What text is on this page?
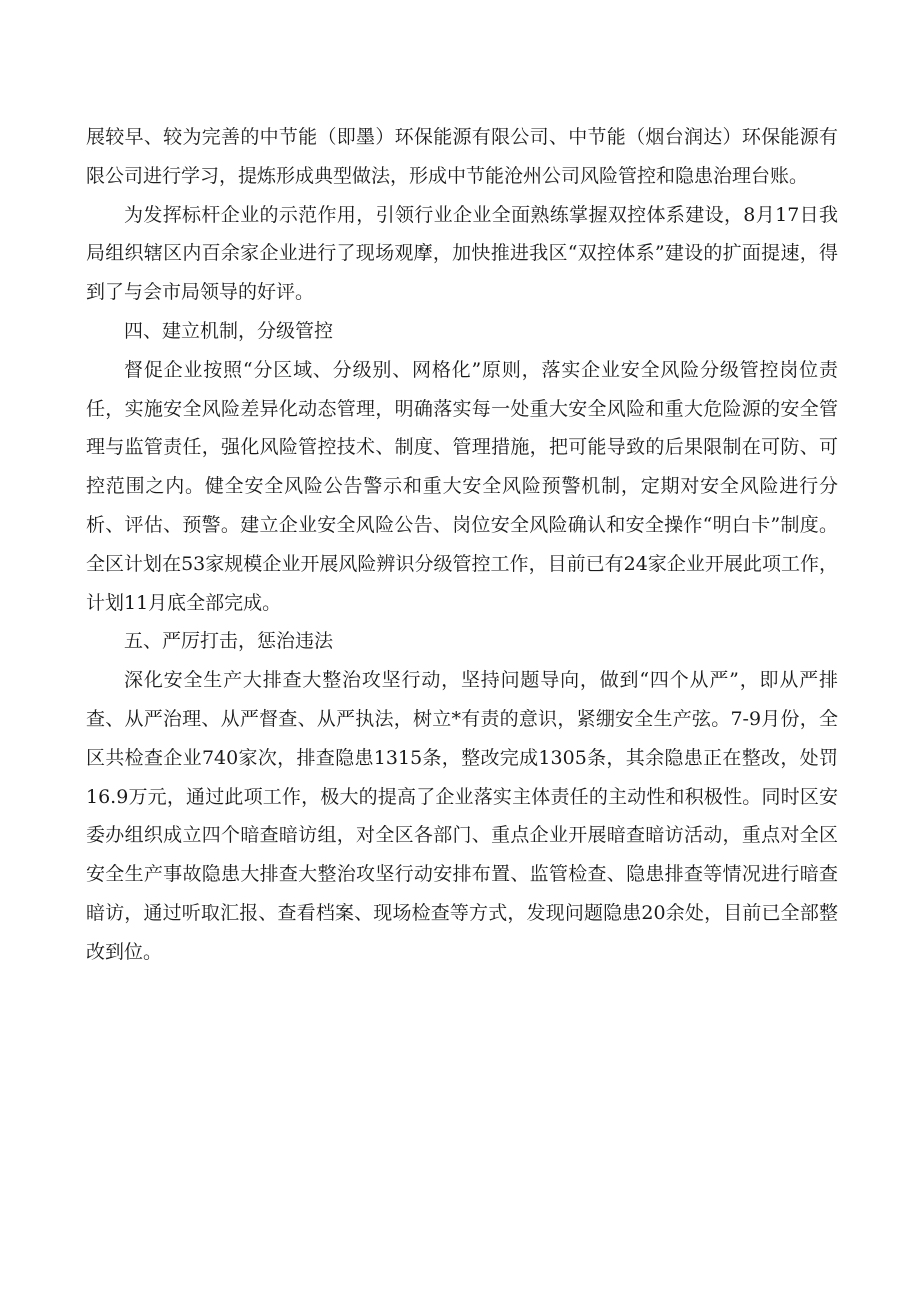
展较早、较为完善的中节能（即墨）环保能源有限公司、中节能（烟台润达）环保能源有限公司进行学习，提炼形成典型做法，形成中节能沧州公司风险管控和隐患治理台账。

为发挥标杆企业的示范作用，引领行业企业全面熟练掌握双控体系建设，8月17日我局组织辖区内百余家企业进行了现场观摩，加快推进我区“双控体系”建设的扩面提速，得到了与会市局领导的好评。

四、建立机制，分级管控

督促企业按照“分区域、分级别、网格化”原则，落实企业安全风险分级管控岗位责任，实施安全风险差异化动态管理，明确落实每一处重大安全风险和重大危险源的安全管理与监管责任，强化风险管控技术、制度、管理措施，把可能导致的后果限制在可防、可控范围之内。健全安全风险公告警示和重大安全风险预警机制，定期对安全风险进行分析、评估、预警。建立企业安全风险公告、岗位安全风险确认和安全操作“明白卡”制度。全区计划在53家规模企业开展风险辨识分级管控工作，目前已有24家企业开展此项工作，计划11月底全部完成。

五、严厉打击，惩治违法

深化安全生产大排查大整治攻坚行动，坚持问题导向，做到“四个从严”，即从严排查、从严治理、从严督查、从严执法，树立*有责的意识，紧绷安全生产弦。7-9月份，全区共检查企业740家次，排查隐患1315条，整改完成1305条，其余隐患正在整改，处罚16.9万元，通过此项工作，极大的提高了企业落实主体责任的主动性和积极性。同时区安委办组织成立四个暗查暗访组，对全区各部门、重点企业开展暗查暗访活动，重点对全区安全生产事故隐患大排查大整治攻坚行动安排布置、监管检查、隐患排查等情况进行暗查暗访，通过听取汇报、查看档案、现场检查等方式，发现问题隐患20余处，目前已全部整改到位。
